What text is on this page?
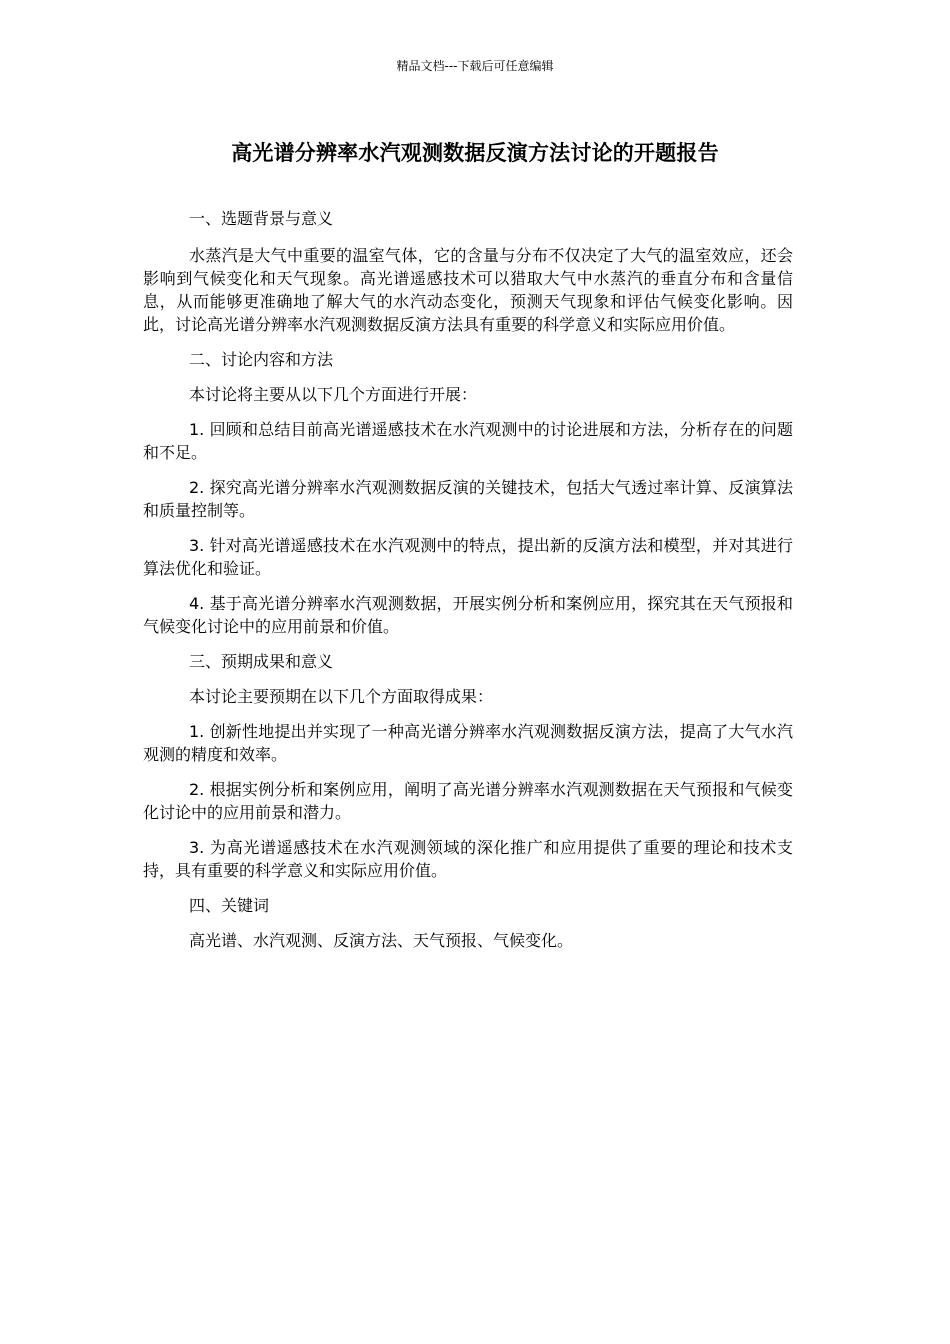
精品文档---下载后可任意编辑
高光谱分辨率水汽观测数据反演方法讨论的开题报告

一、选题背景与意义

水蒸汽是大气中重要的温室气体，它的含量与分布不仅决定了大气的温室效应，还会影响到气候变化和天气现象。高光谱遥感技术可以猎取大气中水蒸汽的垂直分布和含量信息，从而能够更准确地了解大气的水汽动态变化，预测天气现象和评估气候变化影响。因此，讨论高光谱分辨率水汽观测数据反演方法具有重要的科学意义和实际应用价值。

二、讨论内容和方法

本讨论将主要从以下几个方面进行开展：

1. 回顾和总结目前高光谱遥感技术在水汽观测中的讨论进展和方法，分析存在的问题和不足。

2. 探究高光谱分辨率水汽观测数据反演的关键技术，包括大气透过率计算、反演算法和质量控制等。

3. 针对高光谱遥感技术在水汽观测中的特点，提出新的反演方法和模型，并对其进行算法优化和验证。

4. 基于高光谱分辨率水汽观测数据，开展实例分析和案例应用，探究其在天气预报和气候变化讨论中的应用前景和价值。

三、预期成果和意义

本讨论主要预期在以下几个方面取得成果：

1. 创新性地提出并实现了一种高光谱分辨率水汽观测数据反演方法，提高了大气水汽观测的精度和效率。

2. 根据实例分析和案例应用，阐明了高光谱分辨率水汽观测数据在天气预报和气候变化讨论中的应用前景和潜力。

3. 为高光谱遥感技术在水汽观测领域的深化推广和应用提供了重要的理论和技术支持，具有重要的科学意义和实际应用价值。

四、关键词

高光谱、水汽观测、反演方法、天气预报、气候变化。
